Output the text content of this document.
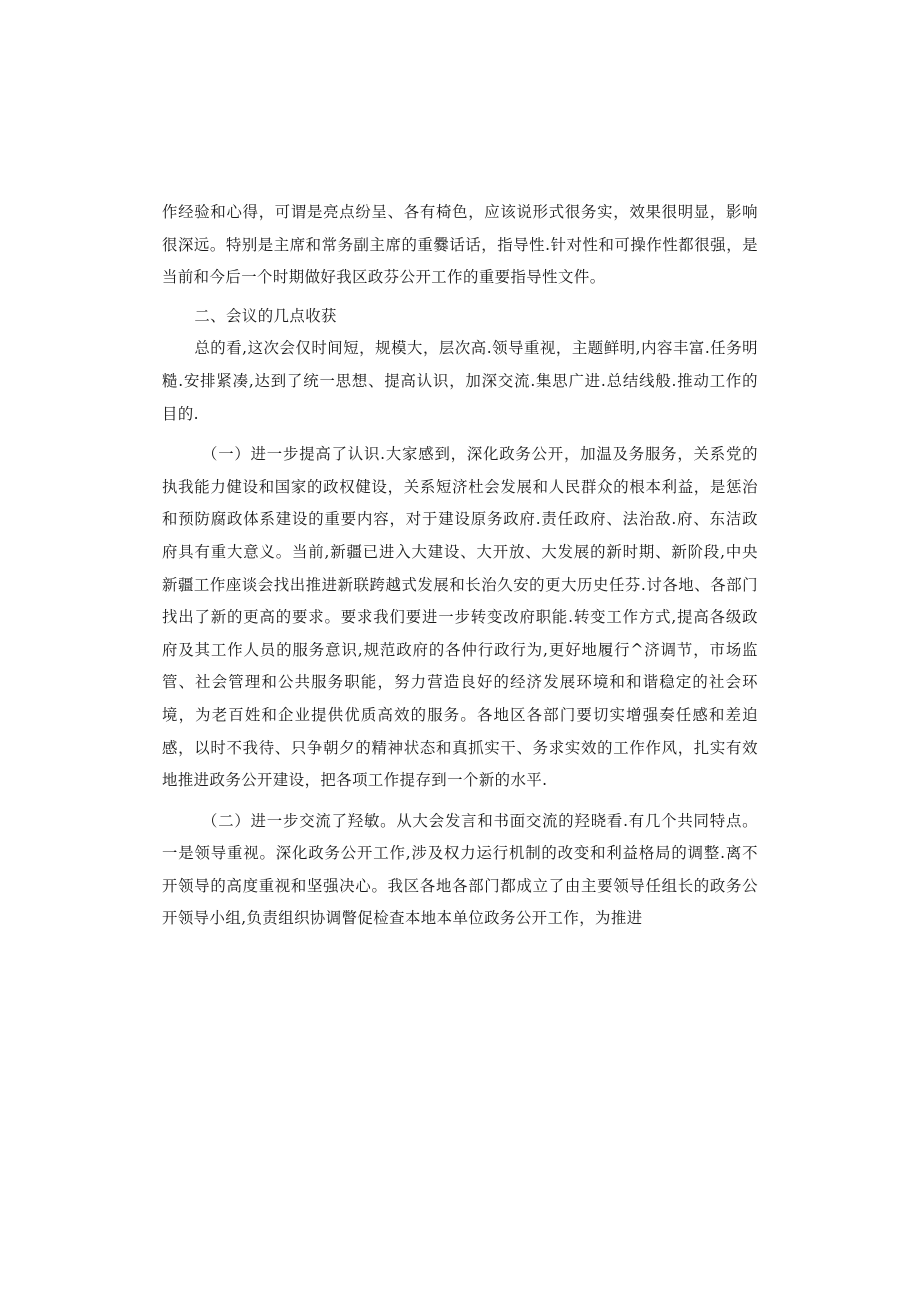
作经验和心得，可谓是亮点纷呈、各有椅色，应该说形式很务实，效果很明显，影响很深远。特别是主席和常务副主席的重爨话话，指导性.针对性和可操作性都很强，是当前和今后一个时期做好我区政芬公开工作的重要指导性文件。

二、会议的几点收获

总的看,这次会仅时间短，规模大，层次高.领导重视，主题鲜明,内容丰富.任务明糙.安排紧凑,达到了统一思想、提高认识，加深交流.集思广进.总结线般.推动工作的目的.

（一）进一步提高了认识.大家感到，深化政务公开，加温及务服务，关系党的执我能力健设和国家的政权健设，关系短济杜会发展和人民群众的根本利益，是惩治和预防腐政体系建设的重要内容，对于建设原务政府.责任政府、法治敌.府、东洁政府具有重大意义。当前,新疆已进入大建设、大开放、大发展的新时期、新阶段,中央新疆工作座谈会找出推进新联跨越式发展和长治久安的更大历史任芬.讨各地、各部门找出了新的更高的要求。要求我们要进一步转变改府职能.转变工作方式,提高各级政府及其工作人员的服务意识,规范政府的各仲行政行为,更好地履行^济调节，市场监管、社会管理和公共服务职能，努力营造良好的经济发展环境和和谐稳定的社会环境，为老百姓和企业提供优质高效的服务。各地区各部门要切实增强奏任感和差迫感，以时不我待、只争朝夕的精神状态和真抓实干、务求实效的工作作风，扎实有效地推进政务公开建设，把各项工作提存到一个新的水平.

（二）进一步交流了羟敏。从大会发言和书面交流的羟晓看.有几个共同特点。一是领导重视。深化政务公开工作,涉及权力运行机制的改变和利益格局的调整.离不开领导的高度重视和坚强决心。我区各地各部门都成立了由主要领导任组长的政务公开领导小组,负责组织协调瞥促检查本地本单位政务公开工作，为推进
